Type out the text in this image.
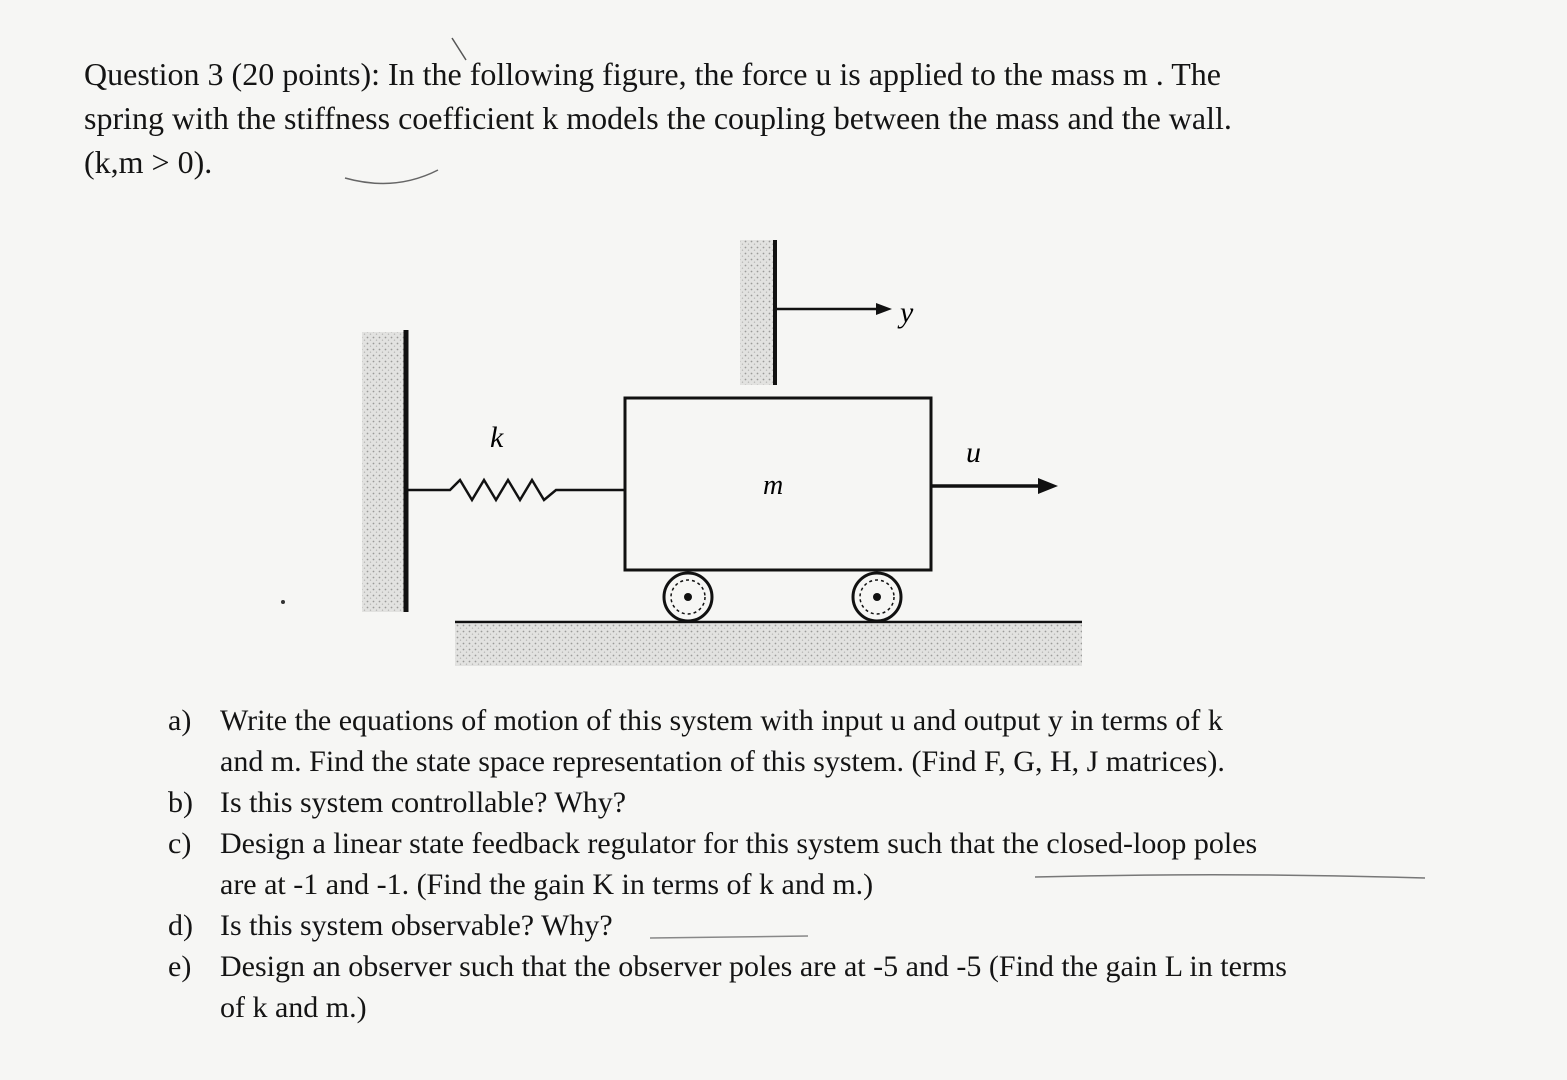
Question 3 (20 points): In the following figure, the force u is applied to the mass m . The
spring with the stiffness coefficient k models the coupling between the mass and the wall.
(k,m > 0).
y
k
m
u
a) Write the equations of motion of this system with input u and output y in terms of k
and m. Find the state space representation of this system. (Find F, G, H, J matrices).
b) Is this system controllable? Why?
c) Design a linear state feedback regulator for this system such that the closed-loop poles
are at -1 and -1. (Find the gain K in terms of k and m.)
d) Is this system observable? Why?
e) Design an observer such that the observer poles are at -5 and -5 (Find the gain L in terms
of k and m.)
